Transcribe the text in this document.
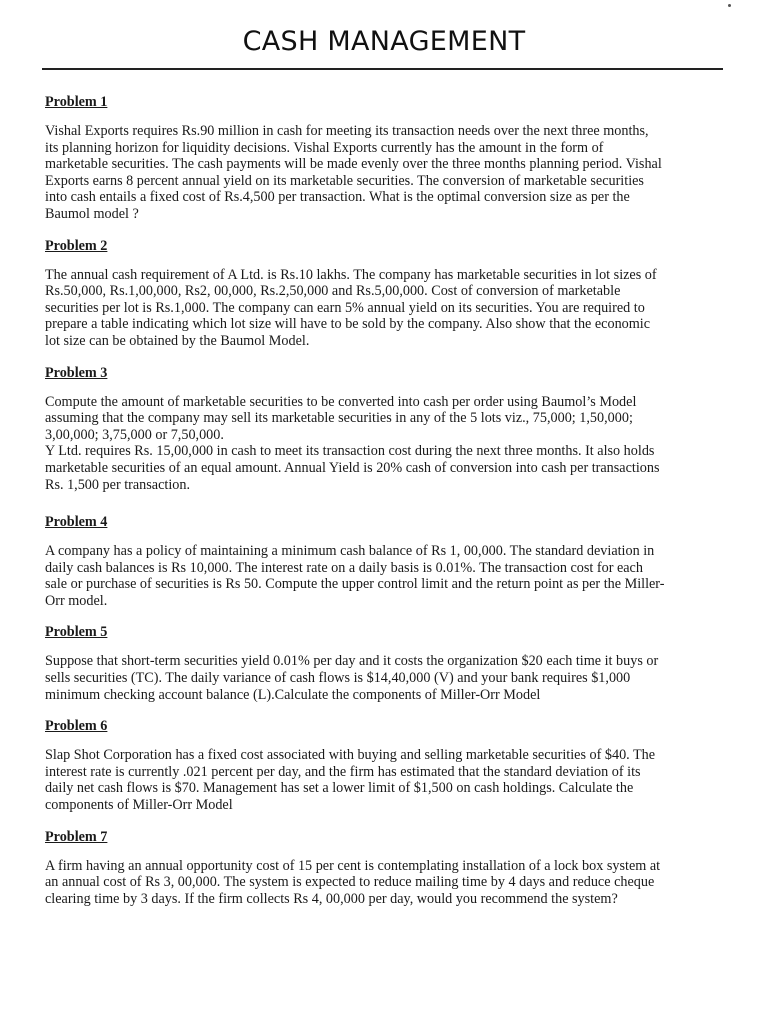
CASH MANAGEMENT
Problem 1

Vishal Exports requires Rs.90 million in cash for meeting its transaction needs over the next three months,
its planning horizon for liquidity decisions. Vishal Exports currently has the amount in the form of
marketable securities. The cash payments will be made evenly over the three months planning period. Vishal
Exports earns 8 percent annual yield on its marketable securities. The conversion of marketable securities
into cash entails a fixed cost of Rs.4,500 per transaction. What is the optimal conversion size as per the
Baumol model ?

Problem 2

The annual cash requirement of A Ltd. is Rs.10 lakhs. The company has marketable securities in lot sizes of
Rs.50,000, Rs.1,00,000, Rs2, 00,000, Rs.2,50,000 and Rs.5,00,000. Cost of conversion of marketable
securities per lot is Rs.1,000. The company can earn 5% annual yield on its securities. You are required to
prepare a table indicating which lot size will have to be sold by the company. Also show that the economic
lot size can be obtained by the Baumol Model.

Problem 3

Compute the amount of marketable securities to be converted into cash per order using Baumol’s Model
assuming that the company may sell its marketable securities in any of the 5 lots viz., 75,000; 1,50,000;
3,00,000; 3,75,000 or 7,50,000.
Y Ltd. requires Rs. 15,00,000 in cash to meet its transaction cost during the next three months. It also holds
marketable securities of an equal amount. Annual Yield is 20% cash of conversion into cash per transactions
Rs. 1,500 per transaction.

Problem 4

A company has a policy of maintaining a minimum cash balance of Rs 1, 00,000. The standard deviation in
daily cash balances is Rs 10,000. The interest rate on a daily basis is 0.01%. The transaction cost for each
sale or purchase of securities is Rs 50. Compute the upper control limit and the return point as per the Miller-
Orr model.

Problem 5

Suppose that short-term securities yield 0.01% per day and it costs the organization $20 each time it buys or
sells securities (TC). The daily variance of cash flows is $14,40,000 (V) and your bank requires $1,000
minimum checking account balance (L).Calculate the components of Miller-Orr Model

Problem 6

Slap Shot Corporation has a fixed cost associated with buying and selling marketable securities of $40. The
interest rate is currently .021 percent per day, and the firm has estimated that the standard deviation of its
daily net cash flows is $70. Management has set a lower limit of $1,500 on cash holdings. Calculate the
components of Miller-Orr Model

Problem 7

A firm having an annual opportunity cost of 15 per cent is contemplating installation of a lock box system at
an annual cost of Rs 3, 00,000. The system is expected to reduce mailing time by 4 days and reduce cheque
clearing time by 3 days. If the firm collects Rs 4, 00,000 per day, would you recommend the system?
